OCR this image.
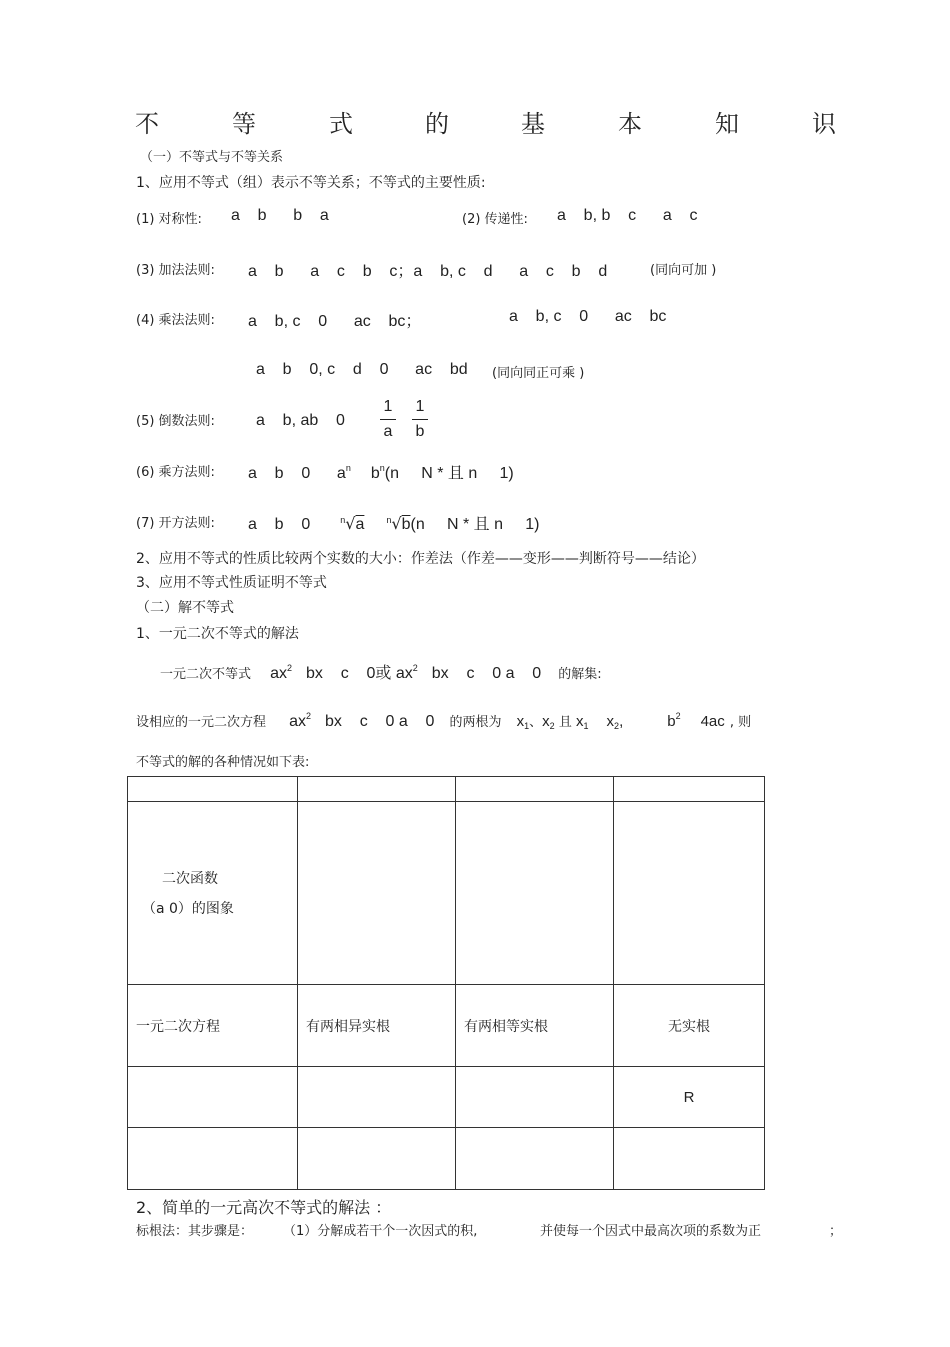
不	等	式	的	基	本	知	识
（一）不等式与不等关系
1、应用不等式（组）表示不等关系；不等式的主要性质:
(1) 对称性: a    b      b    a	(2) 传递性: a    b, b    c      a    c
(3) 加法法则: a    b      a    c    b    c；a    b, c    d      a    c    b    d	(同向可加 )
(4) 乘法法则: a    b, c    0      ac    bc；	a    b, c    0      ac    bc
a    b    0, c    d    0      ac    bd (同向同正可乘 )
(5) 倒数法则:	a    b, ab    0
1
a
1
b
(6) 乘方法则: a    b    0      $a^n$ $b^n(n$     N * 且 n     1)
(7) 开方法则: a    b    0	$^n$√a $^n$√b(n     N * 且 n     1)
2、应用不等式的性质比较两个实数的大小：作差法（作差——变形——判断符号——结论）
3、应用不等式性质证明不等式
（二）解不等式
1、一元二次不等式的解法
一元二次不等式 $ax^2$ bx    c    0或 $ax^2$ bx    c    0 a    0 的解集:
设相应的一元二次方程 $ax^2$ bx    c    0 a    0 的两根为 $x_1$、$x_2$ 且 $x_1$ $x_2$,	$b^2$ 4ac , 则
不等式的解的各种情况如下表:

二次函数
（a 0）的图象			

一元二次方程	有两相异实根	有两相等实根	无实根
			R

2、简单的一元高次不等式的解法 ：
标根法：其步骤是： （1）分解成若干个一次因式的积,	并使每一个因式中最高次项的系数为正	；
